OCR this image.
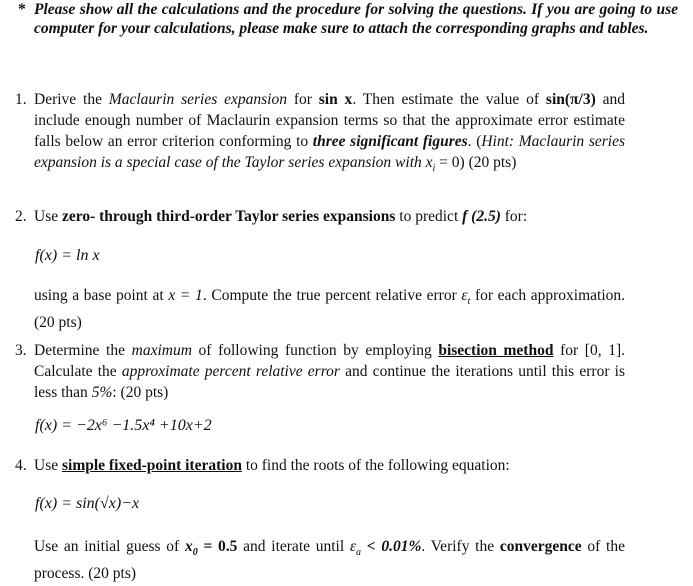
* Please show all the calculations and the procedure for solving the questions. If you are going to use computer for your calculations, please make sure to attach the corresponding graphs and tables.
1. Derive the Maclaurin series expansion for sin x. Then estimate the value of sin(π/3) and include enough number of Maclaurin expansion terms so that the approximate error estimate falls below an error criterion conforming to three significant figures. (Hint: Maclaurin series expansion is a special case of the Taylor series expansion with $x_i = 0$) (20 pts)
2. Use zero- through third-order Taylor series expansions to predict f (2.5) for:
f(x) = ln x
using a base point at x = 1. Compute the true percent relative error $\varepsilon_t$ for each approximation. (20 pts)
3. Determine the maximum of following function by employing bisection method for [0, 1]. Calculate the approximate percent relative error and continue the iterations until this error is less than 5%: (20 pts)
f(x) = −2x⁶ −1.5x⁴ +10x+2
4. Use simple fixed-point iteration to find the roots of the following equation:
f(x) = sin(√x)−x
Use an initial guess of $x_0 = 0.5$ and iterate until $\varepsilon_a < 0.01\%$. Verify the convergence of the process. (20 pts)
